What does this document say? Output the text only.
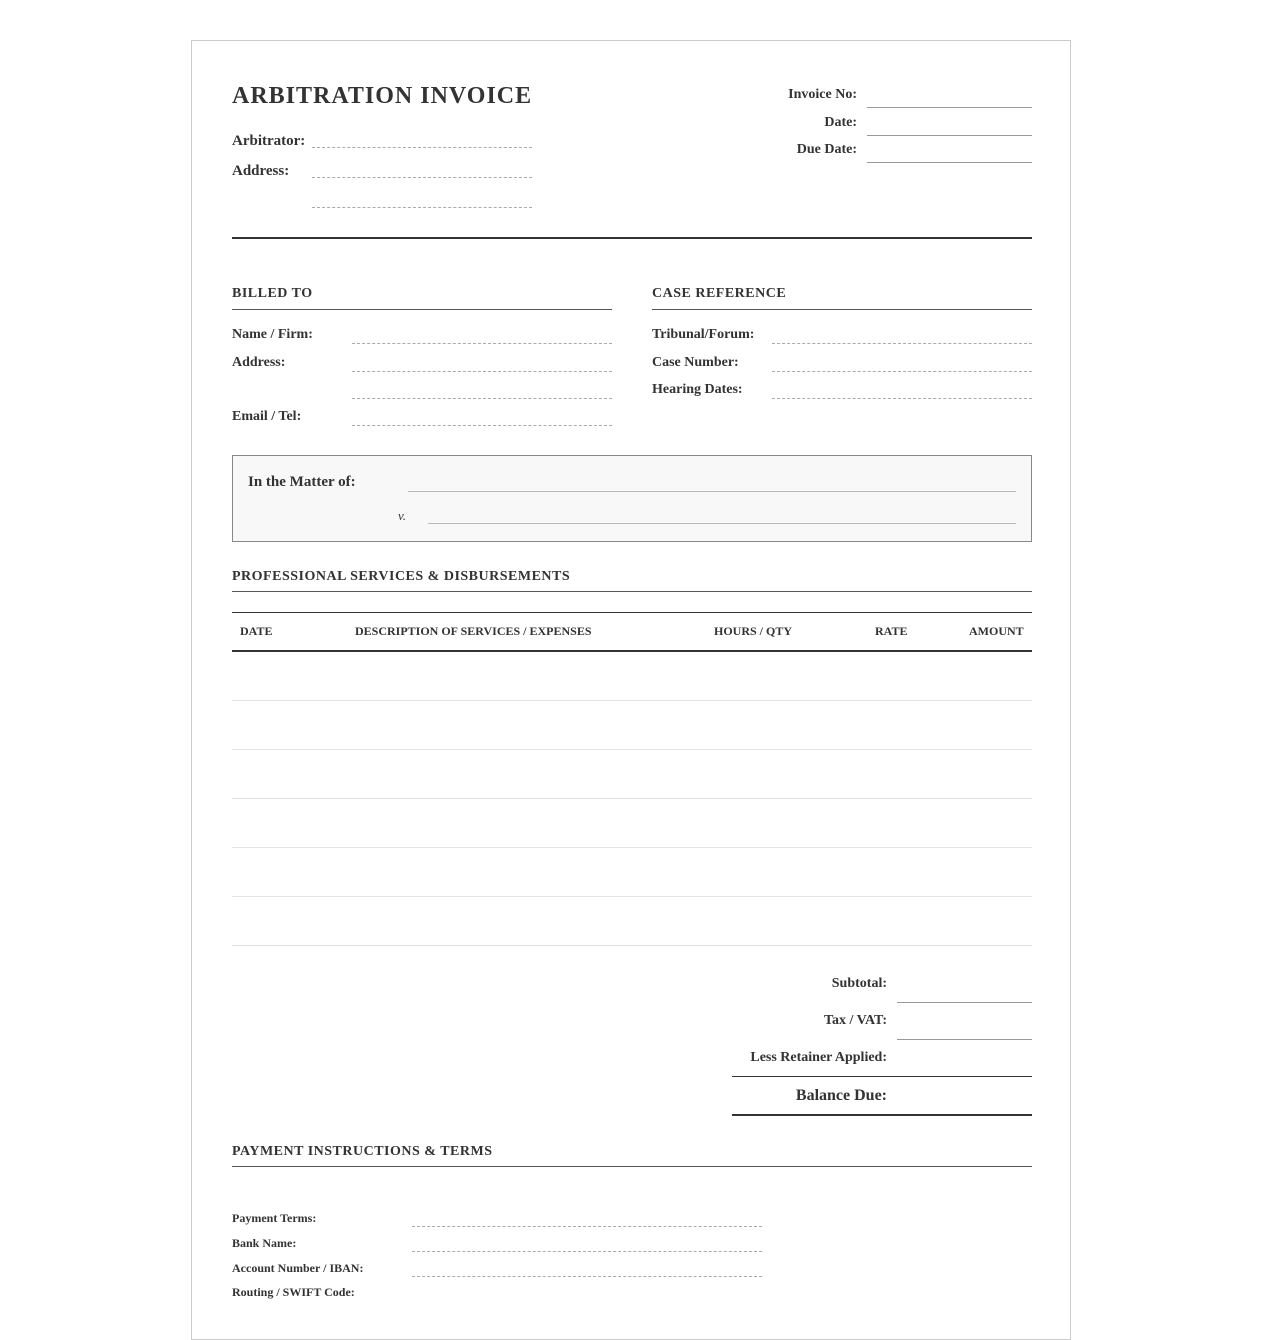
ARBITRATION INVOICE
Arbitrator:
Address:
Invoice No:
Date:
Due Date:
BILLED TO
Name / Firm:
Address:
Email / Tel:
CASE REFERENCE
Tribunal/Forum:
Case Number:
Hearing Dates:
In the Matter of:
v.
PROFESSIONAL SERVICES & DISBURSEMENTS
DATE	DESCRIPTION OF SERVICES / EXPENSES	HOURS / QTY	RATE	AMOUNT
Subtotal:
Tax / VAT:
Less Retainer Applied:
Balance Due:
PAYMENT INSTRUCTIONS & TERMS
Payment Terms:
Bank Name:
Account Number / IBAN:
Routing / SWIFT Code:
